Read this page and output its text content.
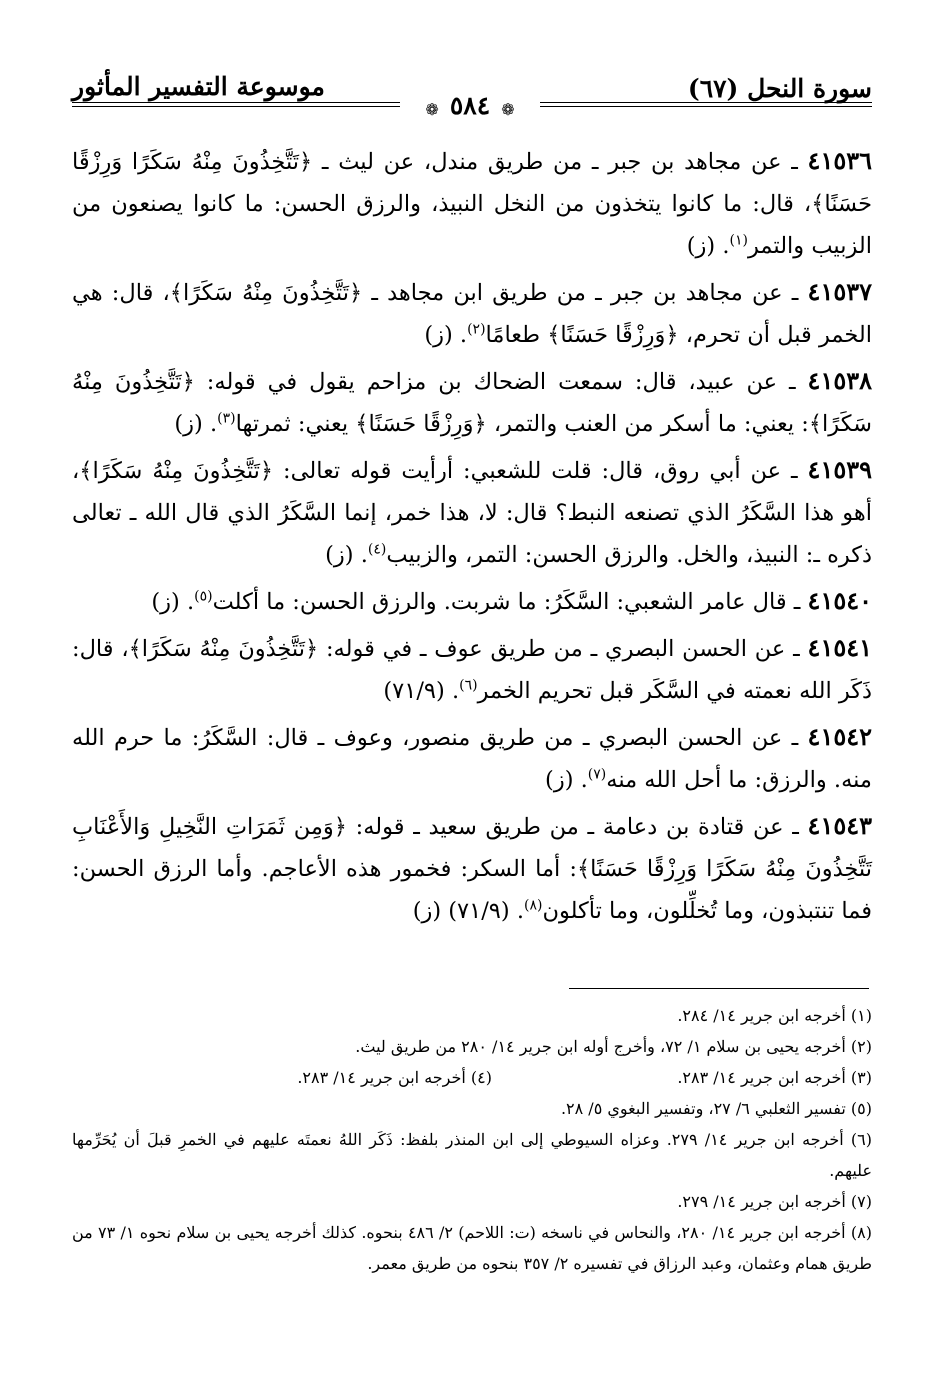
سورة النحل (٦٧)
موسوعة التفسير المأثور
❁ ٥٨٤ ❁

٤١٥٣٦ ـ عن مجاهد بن جبر ـ من طريق مندل، عن ليث ـ ﴿تَتَّخِذُونَ مِنْهُ سَكَرًا وَرِزْقًا حَسَنًا﴾، قال: ما كانوا يتخذون من النخل النبيذ، والرزق الحسن: ما كانوا يصنعون من الزبيب والتمر$^{(١)}$. (ز)

٤١٥٣٧ ـ عن مجاهد بن جبر ـ من طريق ابن مجاهد ـ ﴿تَتَّخِذُونَ مِنْهُ سَكَرًا﴾، قال: هي الخمر قبل أن تحرم، ﴿وَرِزْقًا حَسَنًا﴾ طعامًا$^{(٢)}$. (ز)

٤١٥٣٨ ـ عن عبيد، قال: سمعت الضحاك بن مزاحم يقول في قوله: ﴿تَتَّخِذُونَ مِنْهُ سَكَرًا﴾: يعني: ما أسكر من العنب والتمر، ﴿وَرِزْقًا حَسَنًا﴾ يعني: ثمرتها$^{(٣)}$. (ز)

٤١٥٣٩ ـ عن أبي روق، قال: قلت للشعبي: أرأيت قوله تعالى: ﴿تَتَّخِذُونَ مِنْهُ سَكَرًا﴾، أهو هذا السَّكَرُ الذي تصنعه النبط؟ قال: لا، هذا خمر، إنما السَّكَرُ الذي قال الله ـ تعالى ذكره ـ: النبيذ، والخل. والرزق الحسن: التمر، والزبيب$^{(٤)}$. (ز)

٤١٥٤٠ ـ قال عامر الشعبي: السَّكَرُ: ما شربت. والرزق الحسن: ما أكلت$^{(٥)}$. (ز)

٤١٥٤١ ـ عن الحسن البصري ـ من طريق عوف ـ في قوله: ﴿تَتَّخِذُونَ مِنْهُ سَكَرًا﴾، قال: ذَكَر الله نعمته في السَّكَر قبل تحريم الخمر$^{(٦)}$. (٧١/٩)

٤١٥٤٢ ـ عن الحسن البصري ـ من طريق منصور، وعوف ـ قال: السَّكَرُ: ما حرم الله منه. والرزق: ما أحل الله منه$^{(٧)}$. (ز)

٤١٥٤٣ ـ عن قتادة بن دعامة ـ من طريق سعيد ـ قوله: ﴿وَمِن ثَمَرَاتِ النَّخِيلِ وَالأَعْنَابِ تَتَّخِذُونَ مِنْهُ سَكَرًا وَرِزْقًا حَسَنًا﴾: أما السكر: فخمور هذه الأعاجم. وأما الرزق الحسن: فما تنتبذون، وما تُخلِّلون، وما تأكلون$^{(٨)}$. (٧١/٩) (ز)

(١) أخرجه ابن جرير ١٤/ ٢٨٤.

(٢) أخرجه يحيى بن سلام ١/ ٧٢، وأخرج أوله ابن جرير ١٤/ ٢٨٠ من طريق ليث.

(٣) أخرجه ابن جرير ١٤/ ٢٨٣.
(٤) أخرجه ابن جرير ١٤/ ٢٨٣.

(٥) تفسير الثعلبي ٦/ ٢٧، وتفسير البغوي ٥/ ٢٨.

(٦) أخرجه ابن جرير ١٤/ ٢٧٩. وعزاه السيوطي إلى ابن المنذر بلفظ: ذَكَر اللهُ نعمتَه عليهم في الخمرِ قبلَ أن يُحَرِّمها عليهم.

(٧) أخرجه ابن جرير ١٤/ ٢٧٩.

(٨) أخرجه ابن جرير ١٤/ ٢٨٠، والنحاس في ناسخه (ت: اللاحم) ٢/ ٤٨٦ بنحوه. كذلك أخرجه يحيى بن سلام نحوه ١/ ٧٣ من طريق همام وعثمان، وعبد الرزاق في تفسيره ٢/ ٣٥٧ بنحوه من طريق معمر.
